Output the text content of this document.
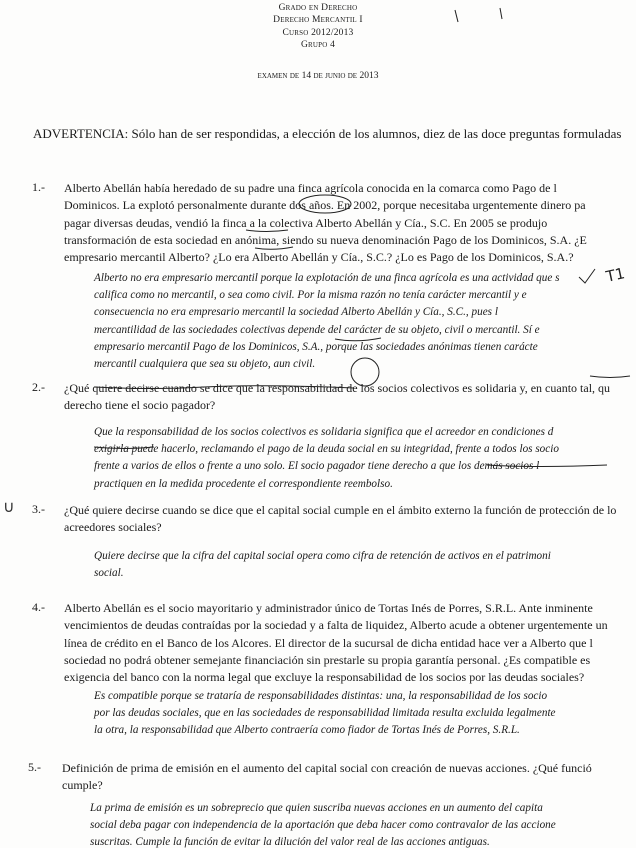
Grado en Derecho
Derecho Mercantil I
Curso 2012/2013
Grupo 4
examen de 14 de junio de 2013
ADVERTENCIA: Sólo han de ser respondidas, a elección de los alumnos, diez de las doce preguntas formuladas
1.- Alberto Abellán había heredado de su padre una finca agrícola conocida en la comarca como Pago de l
Dominicos. La explotó personalmente durante dos años. En 2002, porque necesitaba urgentemente dinero pa
pagar diversas deudas, vendió la finca a la colectiva Alberto Abellán y Cía., S.C. En 2005 se produjo
transformación de esta sociedad en anónima, siendo su nueva denominación Pago de los Dominicos, S.A. ¿E
empresario mercantil Alberto? ¿Lo era Alberto Abellán y Cía., S.C.? ¿Lo es Pago de los Dominicos, S.A.?
T1
Alberto no era empresario mercantil porque la explotación de una finca agrícola es una actividad que s
califica como no mercantil, o sea como civil. Por la misma razón no tenía carácter mercantil y e
consecuencia no era empresario mercantil la sociedad Alberto Abellán y Cía., S.C., pues l
mercantilidad de las sociedades colectivas depende del carácter de su objeto, civil o mercantil. Sí e
empresario mercantil Pago de los Dominicos, S.A., porque las sociedades anónimas tienen carácte
mercantil cualquiera que sea su objeto, aun civil.
2.- ¿Qué quiere decirse cuando se dice que la responsabilidad de los socios colectivos es solidaria y, en cuanto tal, qu
derecho tiene el socio pagador?
Que la responsabilidad de los socios colectivos es solidaria significa que el acreedor en condiciones d
exigirla puede hacerlo, reclamando el pago de la deuda social en su integridad, frente a todos los socio
frente a varios de ellos o frente a uno solo. El socio pagador tiene derecho a que los demás socios l
practiquen en la medida procedente el correspondiente reembolso.
∪ 3.- ¿Qué quiere decirse cuando se dice que el capital social cumple en el ámbito externo la función de protección de lo
acreedores sociales?
Quiere decirse que la cifra del capital social opera como cifra de retención de activos en el patrimoni
social.
4.- Alberto Abellán es el socio mayoritario y administrador único de Tortas Inés de Porres, S.R.L. Ante inminente
vencimientos de deudas contraídas por la sociedad y a falta de liquidez, Alberto acude a obtener urgentemente un
línea de crédito en el Banco de los Alcores. El director de la sucursal de dicha entidad hace ver a Alberto que l
sociedad no podrá obtener semejante financiación sin prestarle su propia garantía personal. ¿Es compatible es
exigencia del banco con la norma legal que excluye la responsabilidad de los socios por las deudas sociales?
Es compatible porque se trataría de responsabilidades distintas: una, la responsabilidad de los socio
por las deudas sociales, que en las sociedades de responsabilidad limitada resulta excluida legalmente
la otra, la responsabilidad que Alberto contraería como fiador de Tortas Inés de Porres, S.R.L.
5.- Definición de prima de emisión en el aumento del capital social con creación de nuevas acciones. ¿Qué funció
cumple?
La prima de emisión es un sobreprecio que quien suscriba nuevas acciones en un aumento del capita
social deba pagar con independencia de la aportación que deba hacer como contravalor de las accione
suscritas. Cumple la función de evitar la dilución del valor real de las acciones antiguas.
